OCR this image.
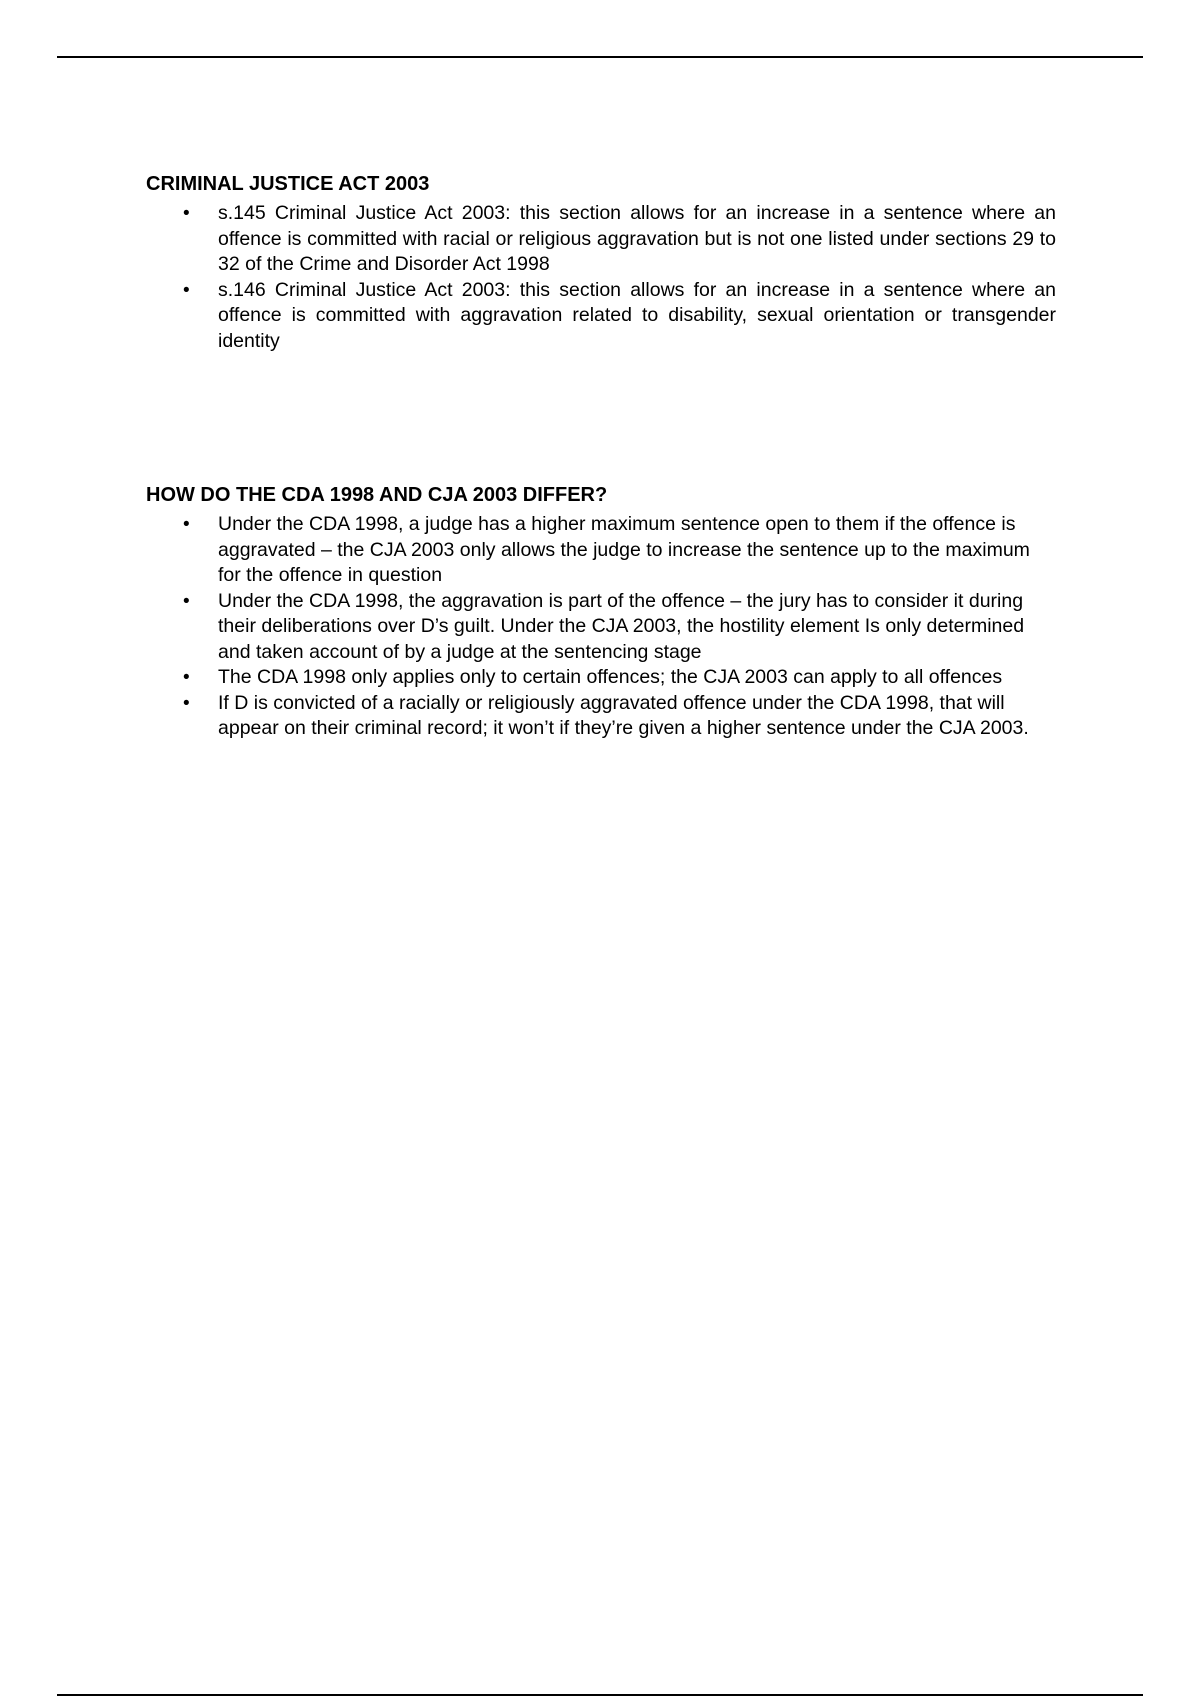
CRIMINAL JUSTICE ACT 2003
• s.145 Criminal Justice Act 2003: this section allows for an increase in a sentence where an offence is committed with racial or religious aggravation but is not one listed under sections 29 to 32 of the Crime and Disorder Act 1998
• s.146 Criminal Justice Act 2003: this section allows for an increase in a sentence where an offence is committed with aggravation related to disability, sexual orientation or transgender identity
HOW DO THE CDA 1998 AND CJA 2003 DIFFER?
• Under the CDA 1998, a judge has a higher maximum sentence open to them if the offence is aggravated – the CJA 2003 only allows the judge to increase the sentence up to the maximum for the offence in question
• Under the CDA 1998, the aggravation is part of the offence – the jury has to consider it during their deliberations over D’s guilt. Under the CJA 2003, the hostility element Is only determined and taken account of by a judge at the sentencing stage
• The CDA 1998 only applies only to certain offences; the CJA 2003 can apply to all offences
• If D is convicted of a racially or religiously aggravated offence under the CDA 1998, that will appear on their criminal record; it won’t if they’re given a higher sentence under the CJA 2003.
